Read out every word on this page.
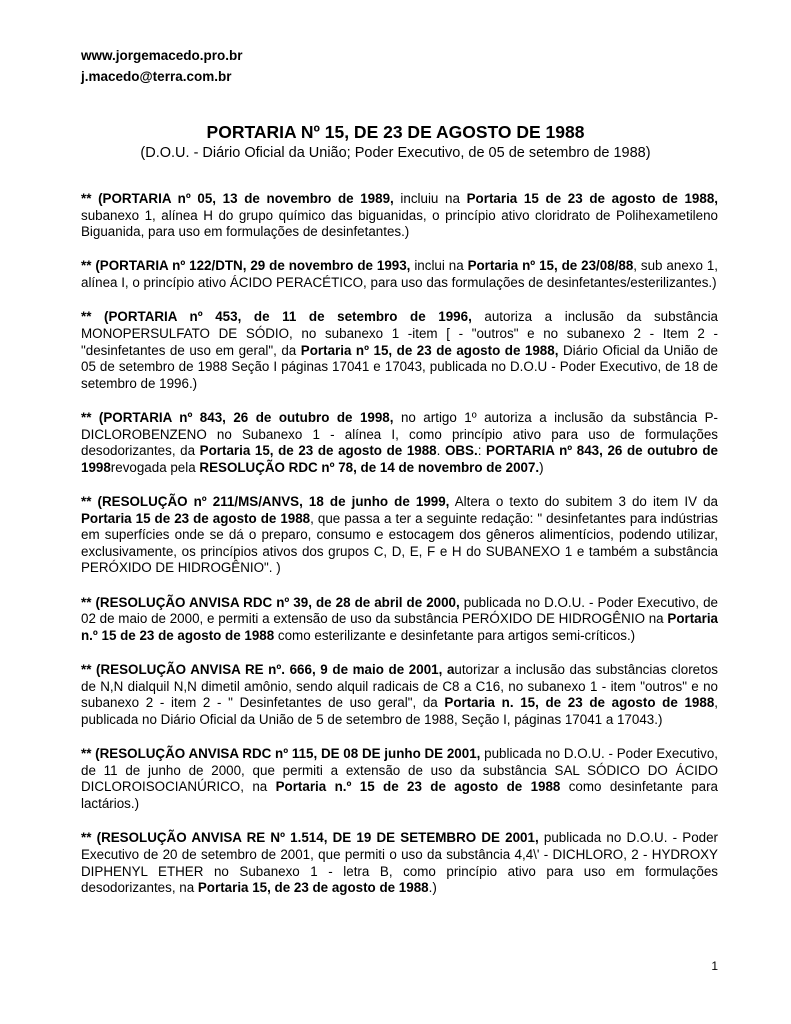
www.jorgemacedo.pro.br
j.macedo@terra.com.br
PORTARIA Nº 15, DE 23 DE AGOSTO DE 1988
(D.O.U. - Diário Oficial da União; Poder Executivo, de 05 de setembro de 1988)

** (PORTARIA nº 05, 13 de novembro de 1989, incluiu na Portaria 15 de 23 de agosto de 1988, subanexo 1, alínea H do grupo químico das biguanidas, o princípio ativo cloridrato de Polihexametileno Biguanida, para uso em formulações de desinfetantes.)

** (PORTARIA nº 122/DTN, 29 de novembro de 1993, inclui na Portaria nº 15, de 23/08/88, sub anexo 1, alínea I, o princípio ativo ÁCIDO PERACÉTICO, para uso das formulações de desinfetantes/esterilizantes.)

** (PORTARIA nº 453, de 11 de setembro de 1996, autoriza a inclusão da substância MONOPERSULFATO DE SÓDIO, no subanexo 1 -item [ - "outros" e no subanexo 2 - Item 2 - "desinfetantes de uso em geral", da Portaria nº 15, de 23 de agosto de 1988, Diário Oficial da União de 05 de setembro de 1988 Seção I páginas 17041 e 17043, publicada no D.O.U - Poder Executivo, de 18 de setembro de 1996.)

** (PORTARIA nº 843, 26 de outubro de 1998, no artigo 1º autoriza a inclusão da substância P-DICLOROBENZENO no Subanexo 1 - alínea I, como princípio ativo para uso de formulações desodorizantes, da Portaria 15, de 23 de agosto de 1988. OBS.: PORTARIA nº 843, 26 de outubro de 1998revogada pela RESOLUÇÃO RDC nº 78, de 14 de novembro de 2007.)

** (RESOLUÇÃO nº 211/MS/ANVS, 18 de junho de 1999, Altera o texto do subitem 3 do item IV da Portaria 15 de 23 de agosto de 1988, que passa a ter a seguinte redação: " desinfetantes para indústrias em superfícies onde se dá o preparo, consumo e estocagem dos gêneros alimentícios, podendo utilizar, exclusivamente, os princípios ativos dos grupos C, D, E, F e H do SUBANEXO 1 e também a substância PERÓXIDO DE HIDROGÊNIO". )

** (RESOLUÇÃO ANVISA RDC nº 39, de 28 de abril de 2000, publicada no D.O.U. - Poder Executivo, de 02 de maio de 2000, e permiti a extensão de uso da substância PERÓXIDO DE HIDROGÊNIO na Portaria n.º 15 de 23 de agosto de 1988 como esterilizante e desinfetante para artigos semi-críticos.)

** (RESOLUÇÃO ANVISA RE nº. 666, 9 de maio de 2001, autorizar a inclusão das substâncias cloretos de N,N dialquil N,N dimetil amônio, sendo alquil radicais de C8 a C16, no subanexo 1 - item "outros" e no subanexo 2 - item 2 - " Desinfetantes de uso geral", da Portaria n. 15, de 23 de agosto de 1988, publicada no Diário Oficial da União de 5 de setembro de 1988, Seção I, páginas 17041 a 17043.)

** (RESOLUÇÃO ANVISA RDC nº 115, DE 08 DE junho DE 2001, publicada no D.O.U. - Poder Executivo, de 11 de junho de 2000, que permiti a extensão de uso da substância SAL SÓDICO DO ÁCIDO DICLOROISOCIANÚRICO, na Portaria n.º 15 de 23 de agosto de 1988 como desinfetante para lactários.)

** (RESOLUÇÃO ANVISA RE Nº 1.514, DE 19 DE SETEMBRO DE 2001, publicada no D.O.U. - Poder Executivo de 20 de setembro de 2001, que permiti o uso da substância 4,4\' - DICHLORO, 2 - HYDROXY DIPHENYL ETHER no Subanexo 1 - letra B, como princípio ativo para uso em formulações desodorizantes, na Portaria 15, de 23 de agosto de 1988.)

1
